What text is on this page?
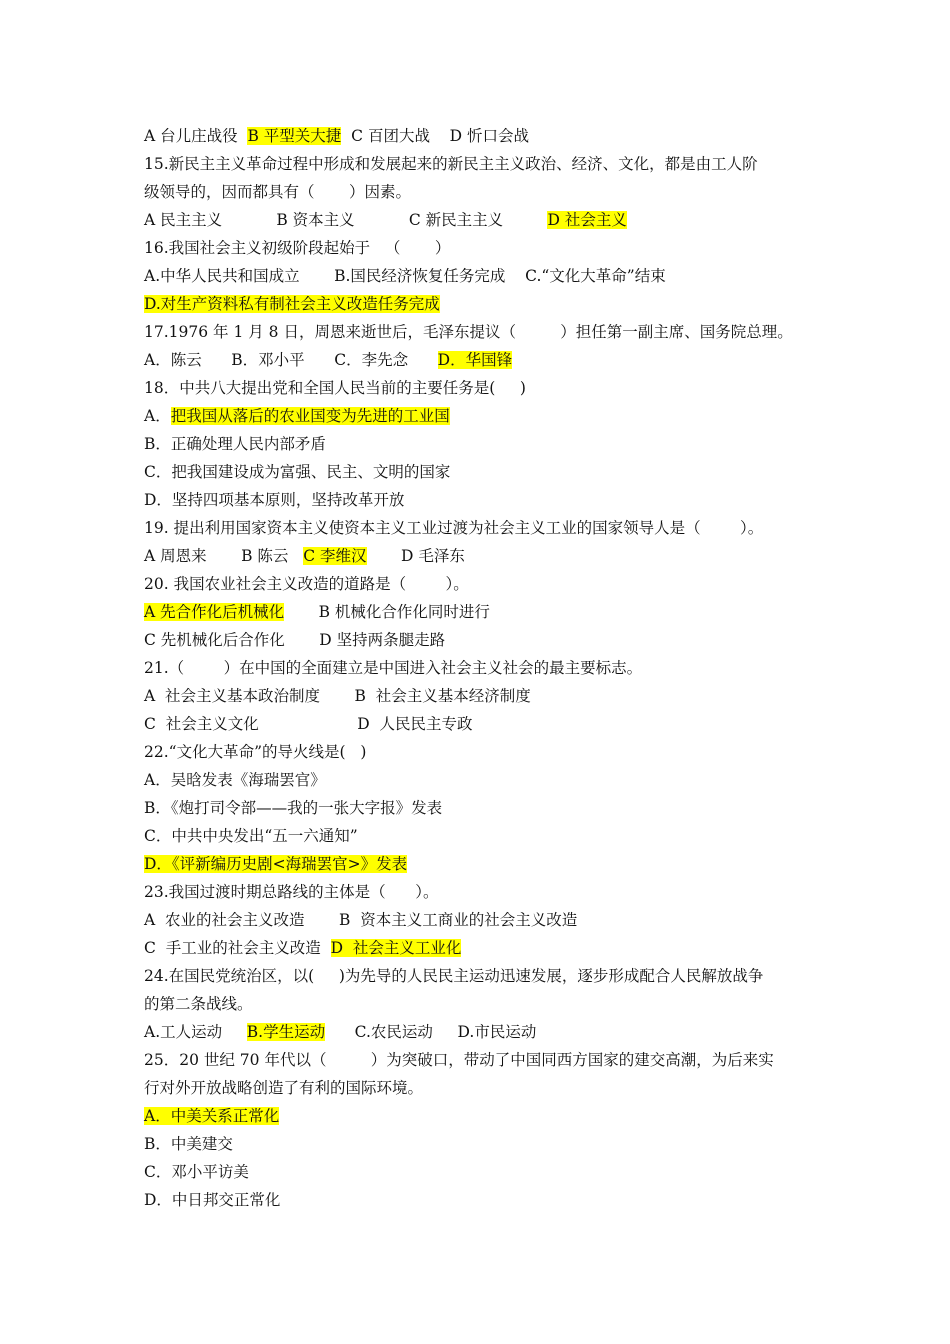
A 台儿庄战役  B 平型关大捷  C 百团大战    D 忻口会战
15.新民主主义革命过程中形成和发展起来的新民主主义政治、经济、文化，都是由工人阶
级领导的，因而都具有（       ）因素。
A 民主主义           B 资本主义           C 新民主主义         D 社会主义
16.我国社会主义初级阶段起始于   （       ）
A.中华人民共和国成立       B.国民经济恢复任务完成    C.“文化大革命”结束
D.对生产资料私有制社会主义改造任务完成
17.1976 年 1 月 8 日，周恩来逝世后，毛泽东提议（         ）担任第一副主席、国务院总理。
A．陈云      B．邓小平      C．李先念      D．华国锋
18．中共八大提出党和全国人民当前的主要任务是(     )
A．把我国从落后的农业国变为先进的工业国
B．正确处理人民内部矛盾
C．把我国建设成为富强、民主、文明的国家
D．坚持四项基本原则，坚持改革开放
19. 提出利用国家资本主义使资本主义工业过渡为社会主义工业的国家领导人是（        ）。
A 周恩来       B 陈云   C 李维汉       D 毛泽东
20. 我国农业社会主义改造的道路是（        ）。
A 先合作化后机械化       B 机械化合作化同时进行
C 先机械化后合作化       D 坚持两条腿走路
21.（        ）在中国的全面建立是中国进入社会主义社会的最主要标志。
A  社会主义基本政治制度       B  社会主义基本经济制度
C  社会主义文化                    D  人民民主专政
22.“文化大革命”的导火线是(   )
A．吴晗发表《海瑞罢官》
B．《炮打司令部——我的一张大字报》发表
C．中共中央发出“五一六通知”
D．《评新编历史剧<海瑞罢官>》发表
23.我国过渡时期总路线的主体是（      ）。
A  农业的社会主义改造       B  资本主义工商业的社会主义改造
C  手工业的社会主义改造  D  社会主义工业化
24.在国民党统治区，以(     )为先导的人民民主运动迅速发展，逐步形成配合人民解放战争
的第二条战线。
A.工人运动     B.学生运动      C.农民运动     D.市民运动
25．20 世纪 70 年代以（         ）为突破口，带动了中国同西方国家的建交高潮，为后来实
行对外开放战略创造了有利的国际环境。
A．中美关系正常化
B．中美建交
C．邓小平访美
D．中日邦交正常化
